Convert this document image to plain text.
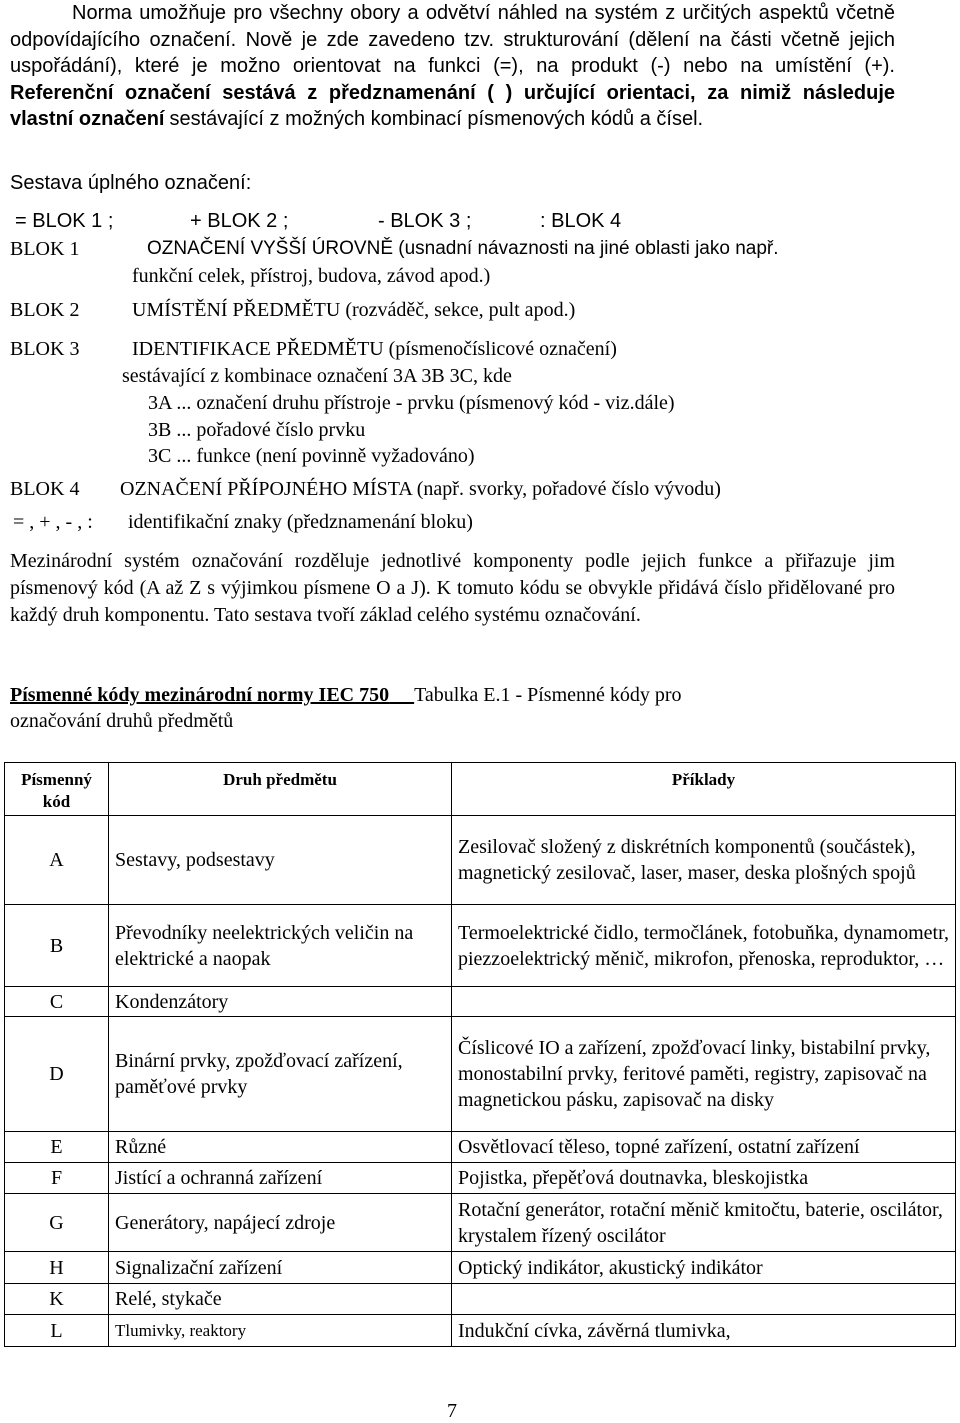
Norma umožňuje pro všechny obory a odvětví náhled na systém z určitých aspektů včetně odpovídajícího označení. Nově je zde zavedeno tzv. strukturování (dělení na části včetně jejich uspořádání), které je možno orientovat na funkci (=), na produkt (-) nebo na umístění (+). Referenční označení sestává z předznamenání ( ) určující orientaci, za nimiž následuje vlastní označení sestávající z možných kombinací písmenových kódů a čísel.

Sestava úplného označení:
= BLOK 1 ;	+ BLOK 2 ;	- BLOK 3 ;	: BLOK 4
BLOK 1	OZNAČENÍ VYŠŠÍ ÚROVNĚ (usnadní návaznosti na jiné oblasti jako např.
funkční celek, přístroj, budova, závod apod.)
BLOK 2	UMÍSTĚNÍ PŘEDMĚTU (rozváděč, sekce, pult apod.)
BLOK 3	IDENTIFIKACE PŘEDMĚTU (písmenočíslicové označení)
sestávající z kombinace označení 3A 3B 3C, kde
3A ... označení druhu přístroje - prvku (písmenový kód - viz.dále)
3B ... pořadové číslo prvku
3C ... funkce (není povinně vyžadováno)
BLOK 4 OZNAČENÍ PŘÍPOJNÉHO MÍSTA (např. svorky, pořadové číslo vývodu)
= , + , - , : identifikační znaky (předznamenání bloku)

Mezinárodní systém označování rozděluje jednotlivé komponenty podle jejich funkce a přiřazuje jim písmenový kód (A až Z s výjimkou písmene O a J). K tomuto kódu se obvykle přidává číslo přidělované pro každý druh komponentu. Tato sestava tvoří základ celého systému označování.

Písmenné kódy mezinárodní normy IEC 750 Tabulka E.1 - Písmenné kódy pro
označování druhů předmětů

Písmenný kód	Druh předmětu	Příklady
A	Sestavy, podsestavy	Zesilovač složený z diskrétních komponentů (součástek), magnetický zesilovač, laser, maser, deska plošných spojů
B	Převodníky neelektrických veličin na elektrické a naopak	Termoelektrické čidlo, termočlánek, fotobuňka, dynamometr, piezzoelektrický měnič, mikrofon, přenoska, reproduktor, …
C	Kondenzátory	
D	Binární prvky, zpožďovací zařízení, paměťové prvky	Číslicové IO a zařízení, zpožďovací linky, bistabilní prvky, monostabilní prvky, feritové paměti, registry, zapisovač na magnetickou pásku, zapisovač na disky
E	Různé	Osvětlovací těleso, topné zařízení, ostatní zařízení
F	Jistící a ochranná zařízení	Pojistka, přepěťová doutnavka, bleskojistka
G	Generátory, napájecí zdroje	Rotační generátor, rotační měnič kmitočtu, baterie, oscilátor, krystalem řízený oscilátor
H	Signalizační zařízení	Optický indikátor, akustický indikátor
K	Relé, stykače	
L	Tlumivky, reaktory	Indukční cívka, závěrná tlumivka,
7
